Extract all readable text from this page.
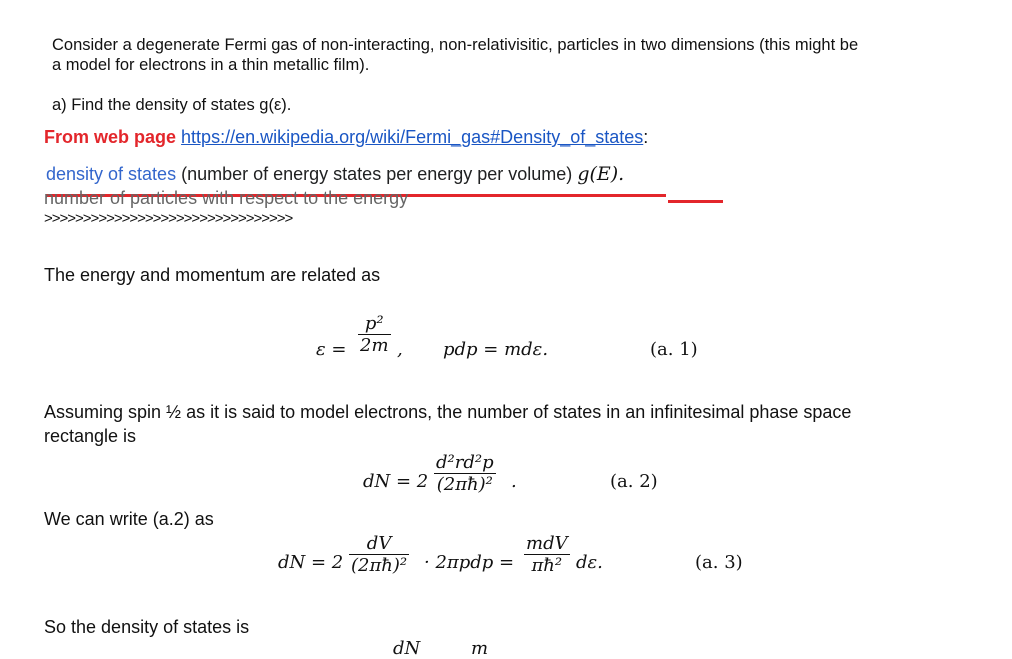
Consider a degenerate Fermi gas of non-interacting, non-relativisitic, particles in two dimensions (this might be
a model for electrons in a thin metallic film).
a) Find the density of states g(ε).
From web page https://en.wikipedia.org/wiki/Fermi_gas#Density_of_states:
density of states (number of energy states per energy per volume) g(E).
number of particles with respect to the energy
>>>>>>>>>>>>>>>>>>>>>>>>>>>>>>>>
The energy and momentum are related as
$\varepsilon = \frac{\text{p²}}{2m}$ , pdp = mdε.	(a. 1)
Assuming spin ½ as it is said to model electrons, the number of states in an infinitesimal phase space
rectangle is
dN = $2 \frac{\text{d²rd²p}}{\text{(2πħ)²}}$ .	(a. 2)
We can write (a.2) as
dN = $2 \frac{dV}{\text{(2πħ)²}} \cdot 2\pi pdp$ =
mdV
πħ² dε.	(a. 3)
So the density of states is
dN	m
